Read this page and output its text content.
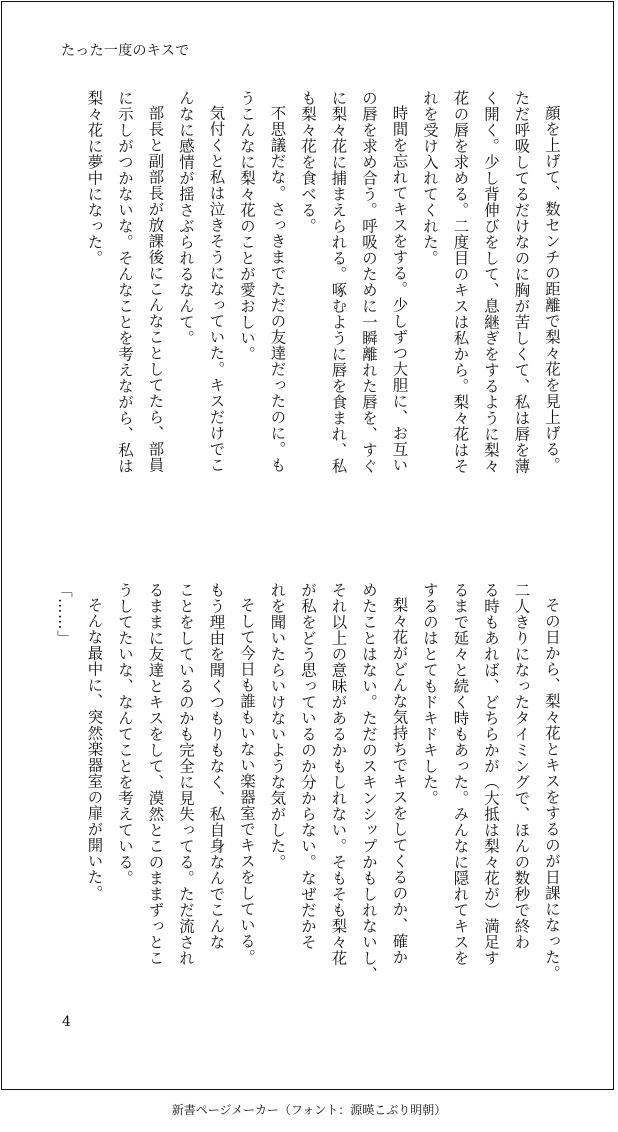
たった一度のキスで
顔を上げて、数センチの距離で梨々花を見上げる。
ただ呼吸してるだけなのに胸が苦しくて、私は唇を薄
く開く。少し背伸びをして、息継ぎをするように梨々
花の唇を求める。二度目のキスは私から。梨々花はそ
れを受け入れてくれた。
時間を忘れてキスをする。少しずつ大胆に、お互い
の唇を求め合う。呼吸のために一瞬離れた唇を、すぐ
に梨々花に捕まえられる。啄むように唇を食まれ、私
も梨々花を食べる。
不思議だな。さっきまでただの友達だったのに。も
うこんなに梨々花のことが愛おしい。
気付くと私は泣きそうになっていた。キスだけでこ
んなに感情が揺さぶられるなんて。
部長と副部長が放課後にこんなことしてたら、部員
に示しがつかないな。そんなことを考えながら、私は
梨々花に夢中になった。
その日から、梨々花とキスをするのが日課になった。
二人きりになったタイミングで、ほんの数秒で終わ
る時もあれば、どちらかが（大抵は梨々花が）満足す
るまで延々と続く時もあった。みんなに隠れてキスを
するのはとてもドキドキした。
梨々花がどんな気持ちでキスをしてくるのか、確か
めたことはない。ただのスキンシップかもしれないし、
それ以上の意味があるかもしれない。そもそも梨々花
が私をどう思っているのか分からない。なぜだかそ
れを聞いたらいけないような気がした。
そして今日も誰もいない楽器室でキスをしている。
もう理由を聞くつもりもなく、私自身なんでこんな
ことをしているのかも完全に見失ってる。ただ流され
るままに友達とキスをして、漠然とこのままずっとこ
うしてたいな、なんてことを考えている。
そんな最中に、突然楽器室の扉が開いた。
「……」
4
新書ページメーカー（フォント：源暎こぶり明朝）
